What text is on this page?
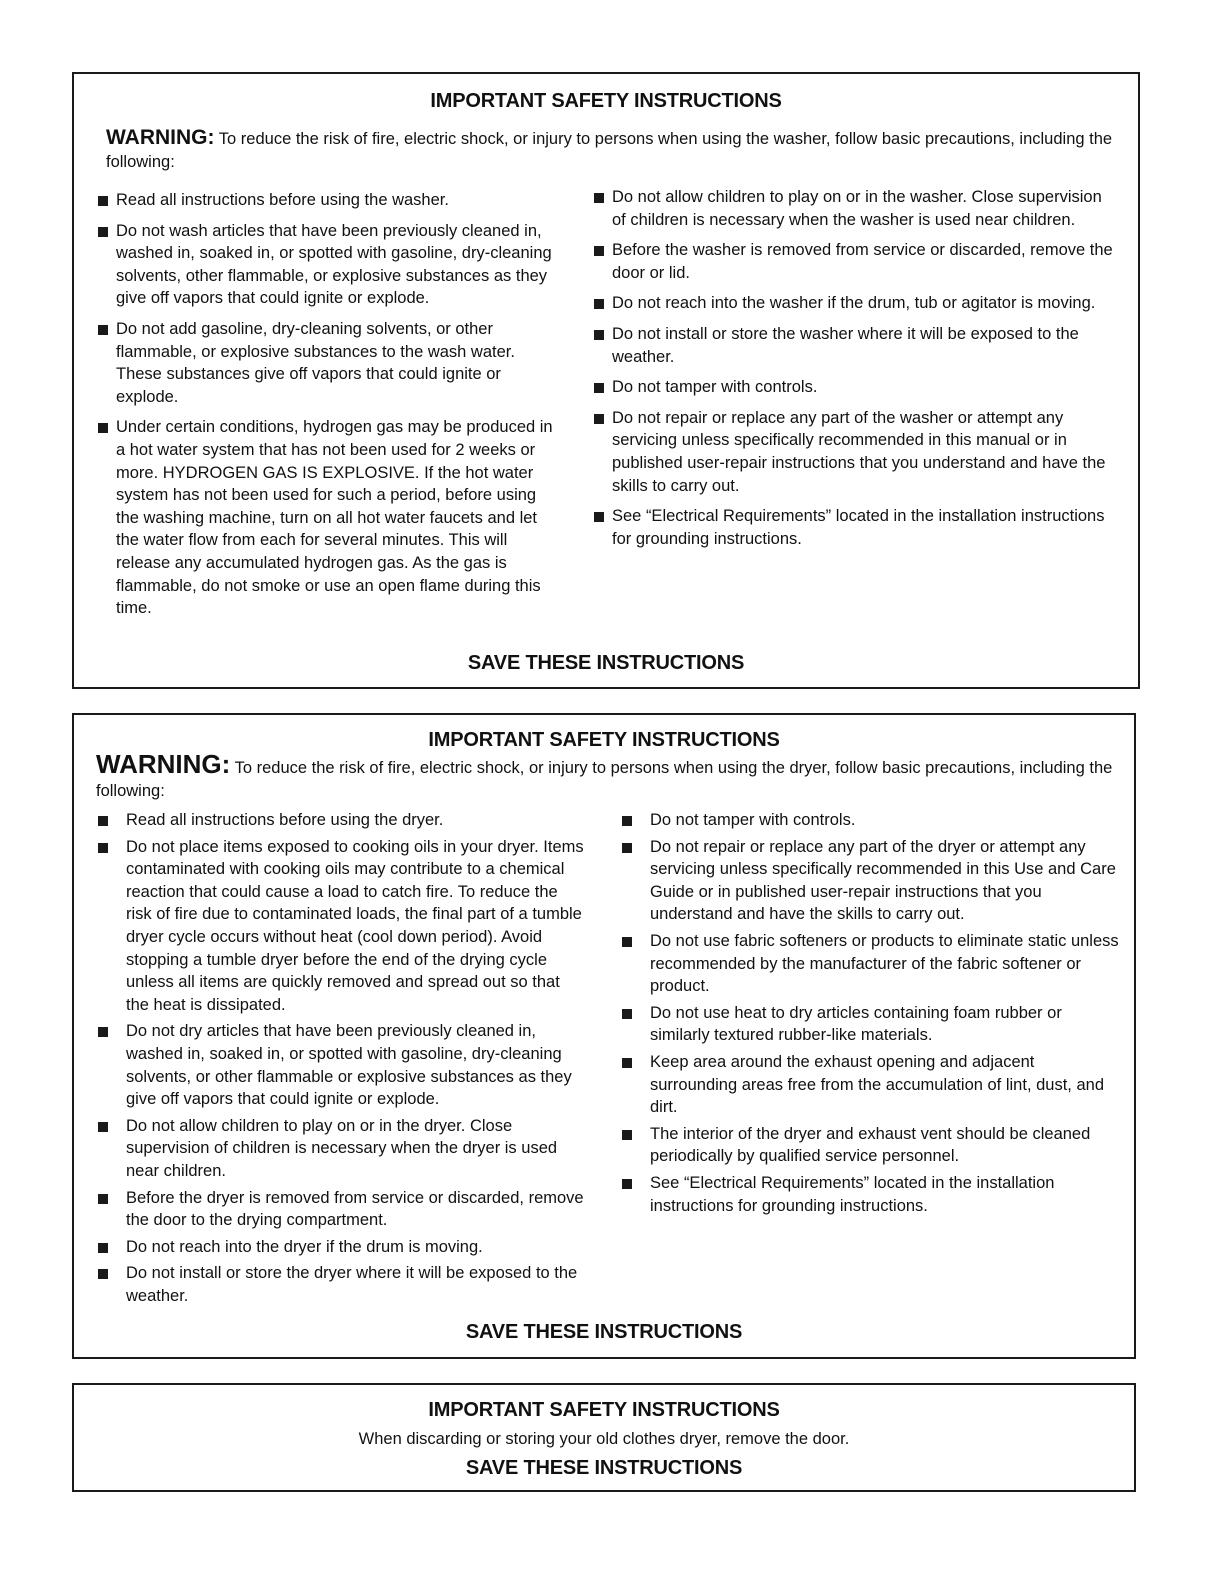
IMPORTANT SAFETY INSTRUCTIONS
WARNING: To reduce the risk of fire, electric shock, or injury to persons when using the washer, follow basic precautions, including the following:
Read all instructions before using the washer.
Do not wash articles that have been previously cleaned in, washed in, soaked in, or spotted with gasoline, dry-cleaning solvents, other flammable, or explosive substances as they give off vapors that could ignite or explode.
Do not add gasoline, dry-cleaning solvents, or other flammable, or explosive substances to the wash water. These substances give off vapors that could ignite or explode.
Under certain conditions, hydrogen gas may be produced in a hot water system that has not been used for 2 weeks or more. HYDROGEN GAS IS EXPLOSIVE. If the hot water system has not been used for such a period, before using the washing machine, turn on all hot water faucets and let the water flow from each for several minutes. This will release any accumulated hydrogen gas. As the gas is flammable, do not smoke or use an open flame during this time.
Do not allow children to play on or in the washer. Close supervision of children is necessary when the washer is used near children.
Before the washer is removed from service or discarded, remove the door or lid.
Do not reach into the washer if the drum, tub or agitator is moving.
Do not install or store the washer where it will be exposed to the weather.
Do not tamper with controls.
Do not repair or replace any part of the washer or attempt any servicing unless specifically recommended in this manual or in published user-repair instructions that you understand and have the skills to carry out.
See “Electrical Requirements” located in the installation instructions for grounding instructions.
SAVE THESE INSTRUCTIONS
IMPORTANT SAFETY INSTRUCTIONS
WARNING: To reduce the risk of fire, electric shock, or injury to persons when using the dryer, follow basic precautions, including the following:
Read all instructions before using the dryer.
Do not place items exposed to cooking oils in your dryer. Items contaminated with cooking oils may contribute to a chemical reaction that could cause a load to catch fire. To reduce the risk of fire due to contaminated loads, the final part of a tumble dryer cycle occurs without heat (cool down period). Avoid stopping a tumble dryer before the end of the drying cycle unless all items are quickly removed and spread out so that the heat is dissipated.
Do not dry articles that have been previously cleaned in, washed in, soaked in, or spotted with gasoline, dry-cleaning solvents, or other flammable or explosive substances as they give off vapors that could ignite or explode.
Do not allow children to play on or in the dryer. Close supervision of children is necessary when the dryer is used near children.
Before the dryer is removed from service or discarded, remove the door to the drying compartment.
Do not reach into the dryer if the drum is moving.
Do not install or store the dryer where it will be exposed to the weather.
Do not tamper with controls.
Do not repair or replace any part of the dryer or attempt any servicing unless specifically recommended in this Use and Care Guide or in published user-repair instructions that you understand and have the skills to carry out.
Do not use fabric softeners or products to eliminate static unless recommended by the manufacturer of the fabric softener or product.
Do not use heat to dry articles containing foam rubber or similarly textured rubber-like materials.
Keep area around the exhaust opening and adjacent surrounding areas free from the accumulation of lint, dust, and dirt.
The interior of the dryer and exhaust vent should be cleaned periodically by qualified service personnel.
See “Electrical Requirements” located in the installation instructions for grounding instructions.
SAVE THESE INSTRUCTIONS
IMPORTANT SAFETY INSTRUCTIONS
When discarding or storing your old clothes dryer, remove the door.
SAVE THESE INSTRUCTIONS
